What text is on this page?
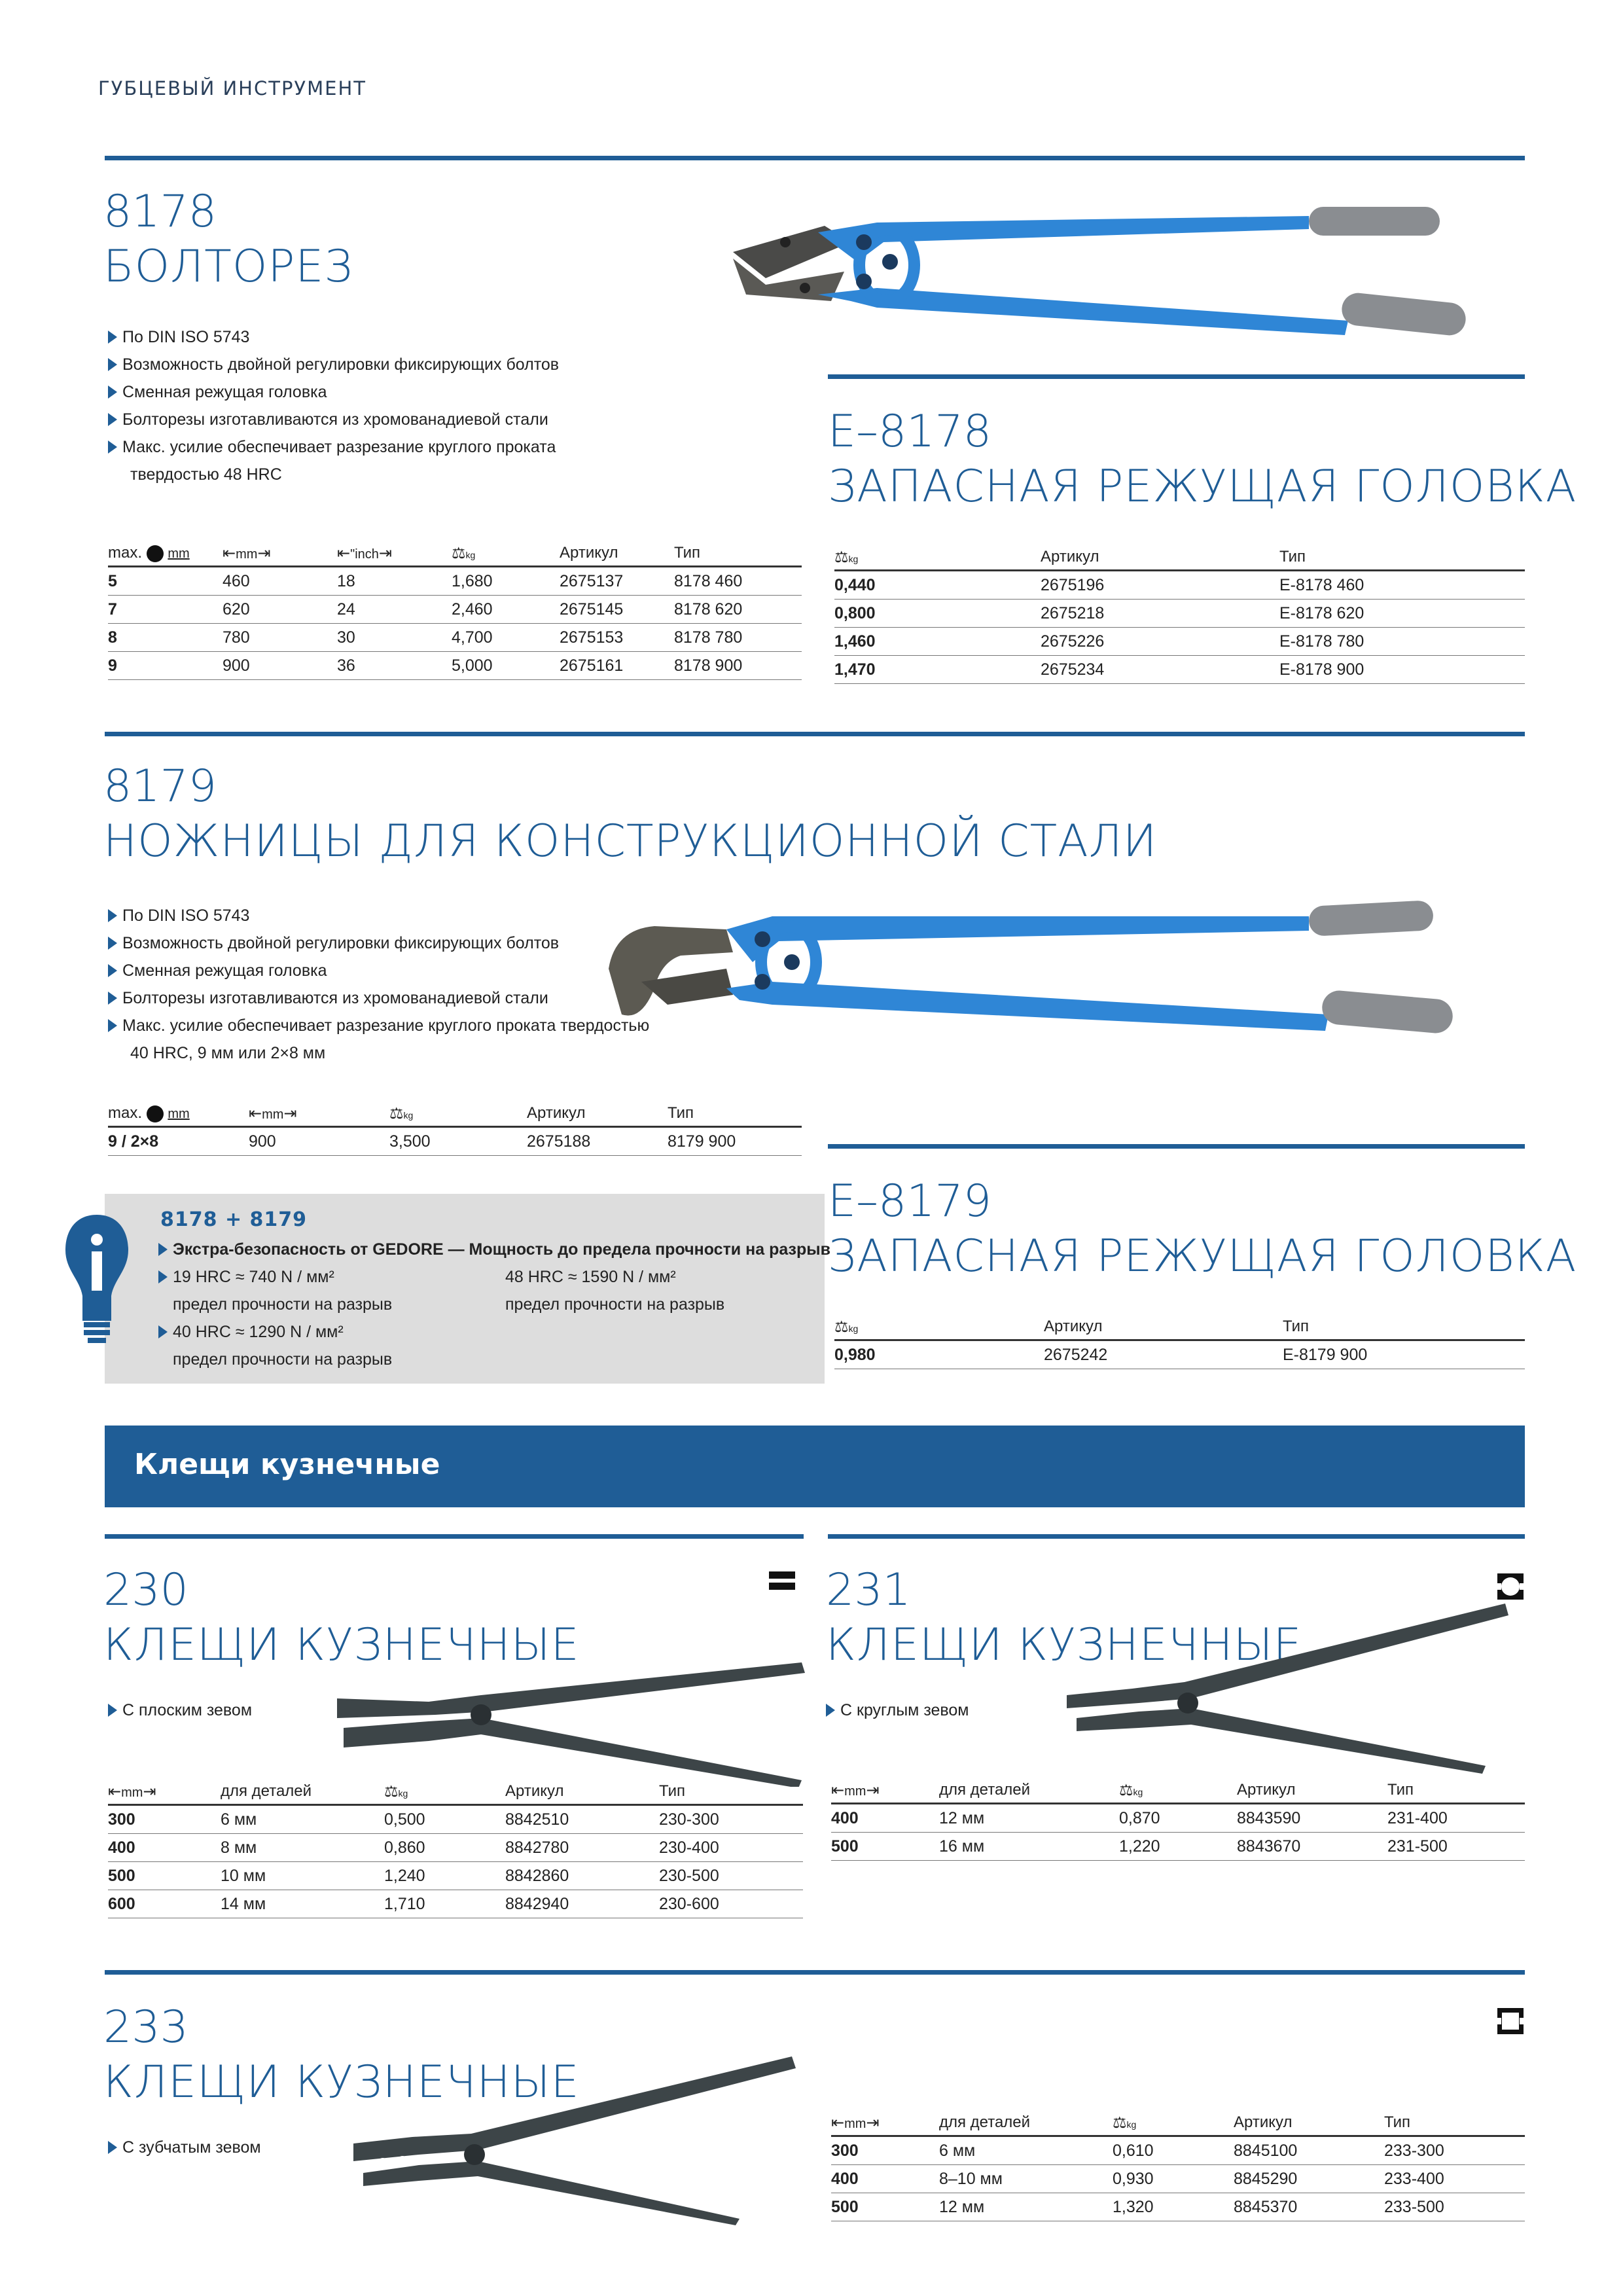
ГУБЦЕВЫЙ ИНСТРУМЕНТ
8178
БОЛТОРЕЗ
По DIN ISO 5743
Возможность двойной регулировки фиксирующих болтов
Сменная режущая головка
Болторезы изготавливаются из хромованадиевой стали
Макс. усилие обеспечивает разрезание круглого проката
твердостью 48 HRC
max. mm	⇤mm⇥	⇤"inch⇥	⚖kg	Артикул	Тип
5	460	18	1,680	2675137	8178 460
7	620	24	2,460	2675145	8178 620
8	780	30	4,700	2675153	8178 780
9	900	36	5,000	2675161	8178 900
E–8178
ЗАПАСНАЯ РЕЖУЩАЯ ГОЛОВКА
⚖kg	Артикул	Тип
0,440	2675196	E-8178 460
0,800	2675218	E-8178 620
1,460	2675226	E-8178 780
1,470	2675234	E-8178 900
8179
НОЖНИЦЫ ДЛЯ КОНСТРУКЦИОННОЙ СТАЛИ
По DIN ISO 5743
Возможность двойной регулировки фиксирующих болтов
Сменная режущая головка
Болторезы изготавливаются из хромованадиевой стали
Макс. усилие обеспечивает разрезание круглого проката твердостью
40 HRC, 9 мм или 2×8 мм
max. mm	⇤mm⇥	⚖kg	Артикул	Тип
9 / 2×8	900	3,500	2675188	8179 900
8178 + 8179
Экстра-безопасность от GEDORE — Мощность до предела прочности на разрыв
19 HRC ≈ 740 N / мм²
предел прочности на разрыв
40 HRC ≈ 1290 N / мм²
предел прочности на разрыв
48 HRC ≈ 1590 N / мм²
предел прочности на разрыв
E–8179
ЗАПАСНАЯ РЕЖУЩАЯ ГОЛОВКА
⚖kg	Артикул	Тип
0,980	2675242	E-8179 900
Клещи кузнечные
230
КЛЕЩИ КУЗНЕЧНЫЕ
С плоским зевом
⇤mm⇥	для деталей	⚖kg	Артикул	Тип
300	6 мм	0,500	8842510	230-300
400	8 мм	0,860	8842780	230-400
500	10 мм	1,240	8842860	230-500
600	14 мм	1,710	8842940	230-600
231
КЛЕЩИ КУЗНЕЧНЫЕ
С круглым зевом
⇤mm⇥	для деталей	⚖kg	Артикул	Тип
400	12 мм	0,870	8843590	231-400
500	16 мм	1,220	8843670	231-500
233
КЛЕЩИ КУЗНЕЧНЫЕ
С зубчатым зевом
⇤mm⇥	для деталей	⚖kg	Артикул	Тип
300	6 мм	0,610	8845100	233-300
400	8–10 мм	0,930	8845290	233-400
500	12 мм	1,320	8845370	233-500
